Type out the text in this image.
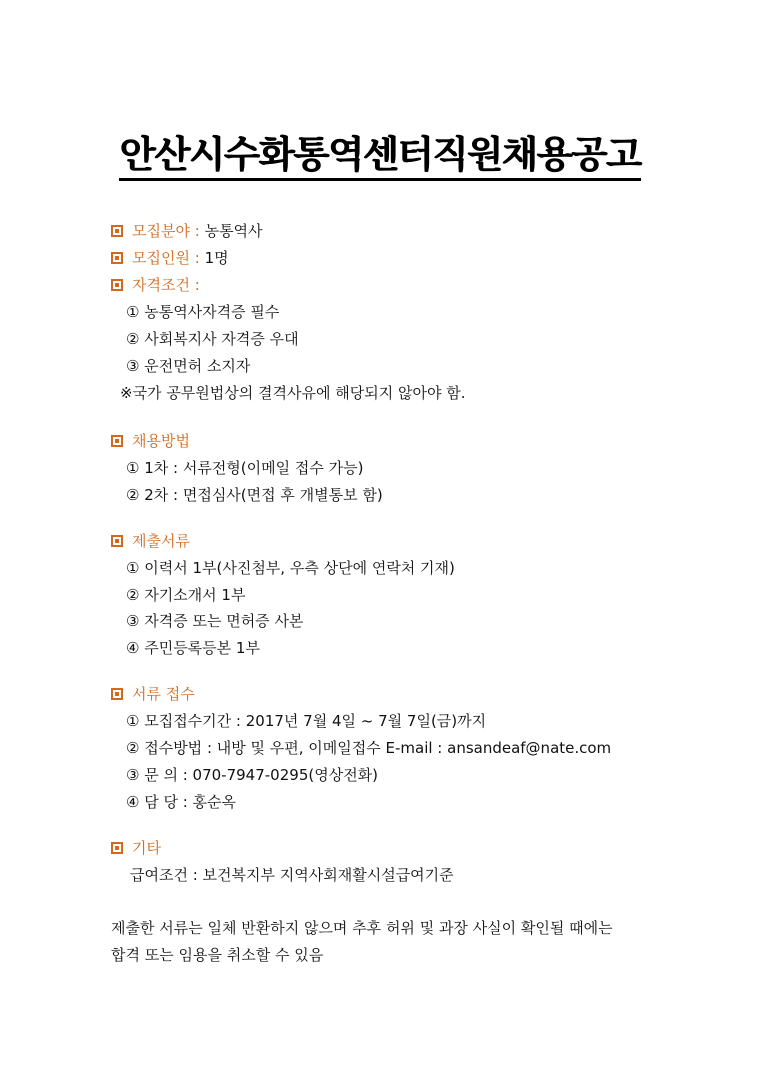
안산시수화통역센터직원채용공고
모집분야 : 농통역사
모집인원 : 1명
자격조건 :
① 농통역사자격증 필수
② 사회복지사 자격증 우대
③ 운전면허 소지자
※국가 공무원법상의 결격사유에 해당되지 않아야 함.
채용방법
① 1차 : 서류전형(이메일 접수 가능)
② 2차 : 면접심사(면접 후 개별통보 함)
제출서류
① 이력서 1부(사진첨부, 우측 상단에 연락처 기재)
② 자기소개서 1부
③ 자격증 또는 면허증 사본
④ 주민등록등본 1부
서류 접수
① 모집접수기간 : 2017년 7월 4일 ~ 7월 7일(금)까지
② 접수방법 : 내방 및 우편, 이메일접수 E-mail : ansandeaf@nate.com
③ 문 의 : 070-7947-0295(영상전화)
④ 담 당 : 홍순옥
기타
급여조건 : 보건복지부 지역사회재활시설급여기준
제출한 서류는 일체 반환하지 않으며 추후 허위 및 과장 사실이 확인될 때에는
합격 또는 임용을 취소할 수 있음
